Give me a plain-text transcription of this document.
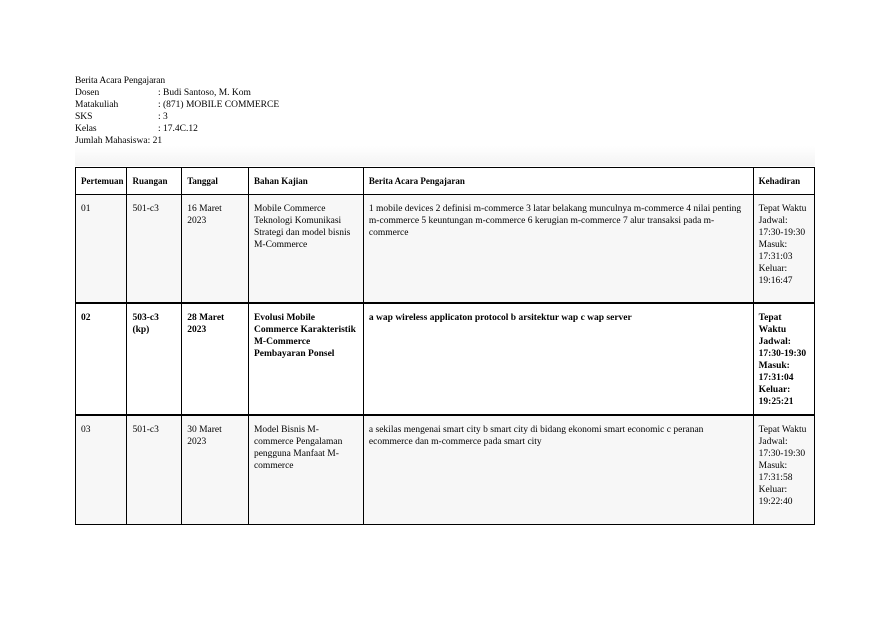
Berita Acara Pengajaran
Dosen	: Budi Santoso, M. Kom
Matakuliah	: (871) MOBILE COMMERCE
SKS	: 3
Kelas	: 17.4C.12
Jumlah Mahasiswa : 21
Pertemuan	Ruangan	Tanggal	Bahan Kajian	Berita Acara Pengajaran	Kehadiran
01	501-c3	16 Maret 2023	Mobile Commerce Teknologi Komunikasi Strategi dan model bisnis M-Commerce	1 mobile devices 2 definisi m-commerce 3 latar belakang munculnya m-commerce 4 nilai penting m-commerce 5 keuntungan m-commerce 6 kerugian m-commerce 7 alur transaksi pada m-commerce	Tepat Waktu Jadwal: 17:30-19:30 Masuk: 17:31:03 Keluar: 19:16:47
02	503-c3 (kp)	28 Maret 2023	Evolusi Mobile Commerce Karakteristik M-Commerce Pembayaran Ponsel	a wap wireless applicaton protocol b arsitektur wap c wap server	Tepat Waktu Jadwal: 17:30-19:30 Masuk: 17:31:04 Keluar: 19:25:21
03	501-c3	30 Maret 2023	Model Bisnis M-commerce Pengalaman pengguna Manfaat M-commerce	a sekilas mengenai smart city b smart city di bidang ekonomi smart economic c peranan ecommerce dan m-commerce pada smart city	Tepat Waktu Jadwal: 17:30-19:30 Masuk: 17:31:58 Keluar: 19:22:40
